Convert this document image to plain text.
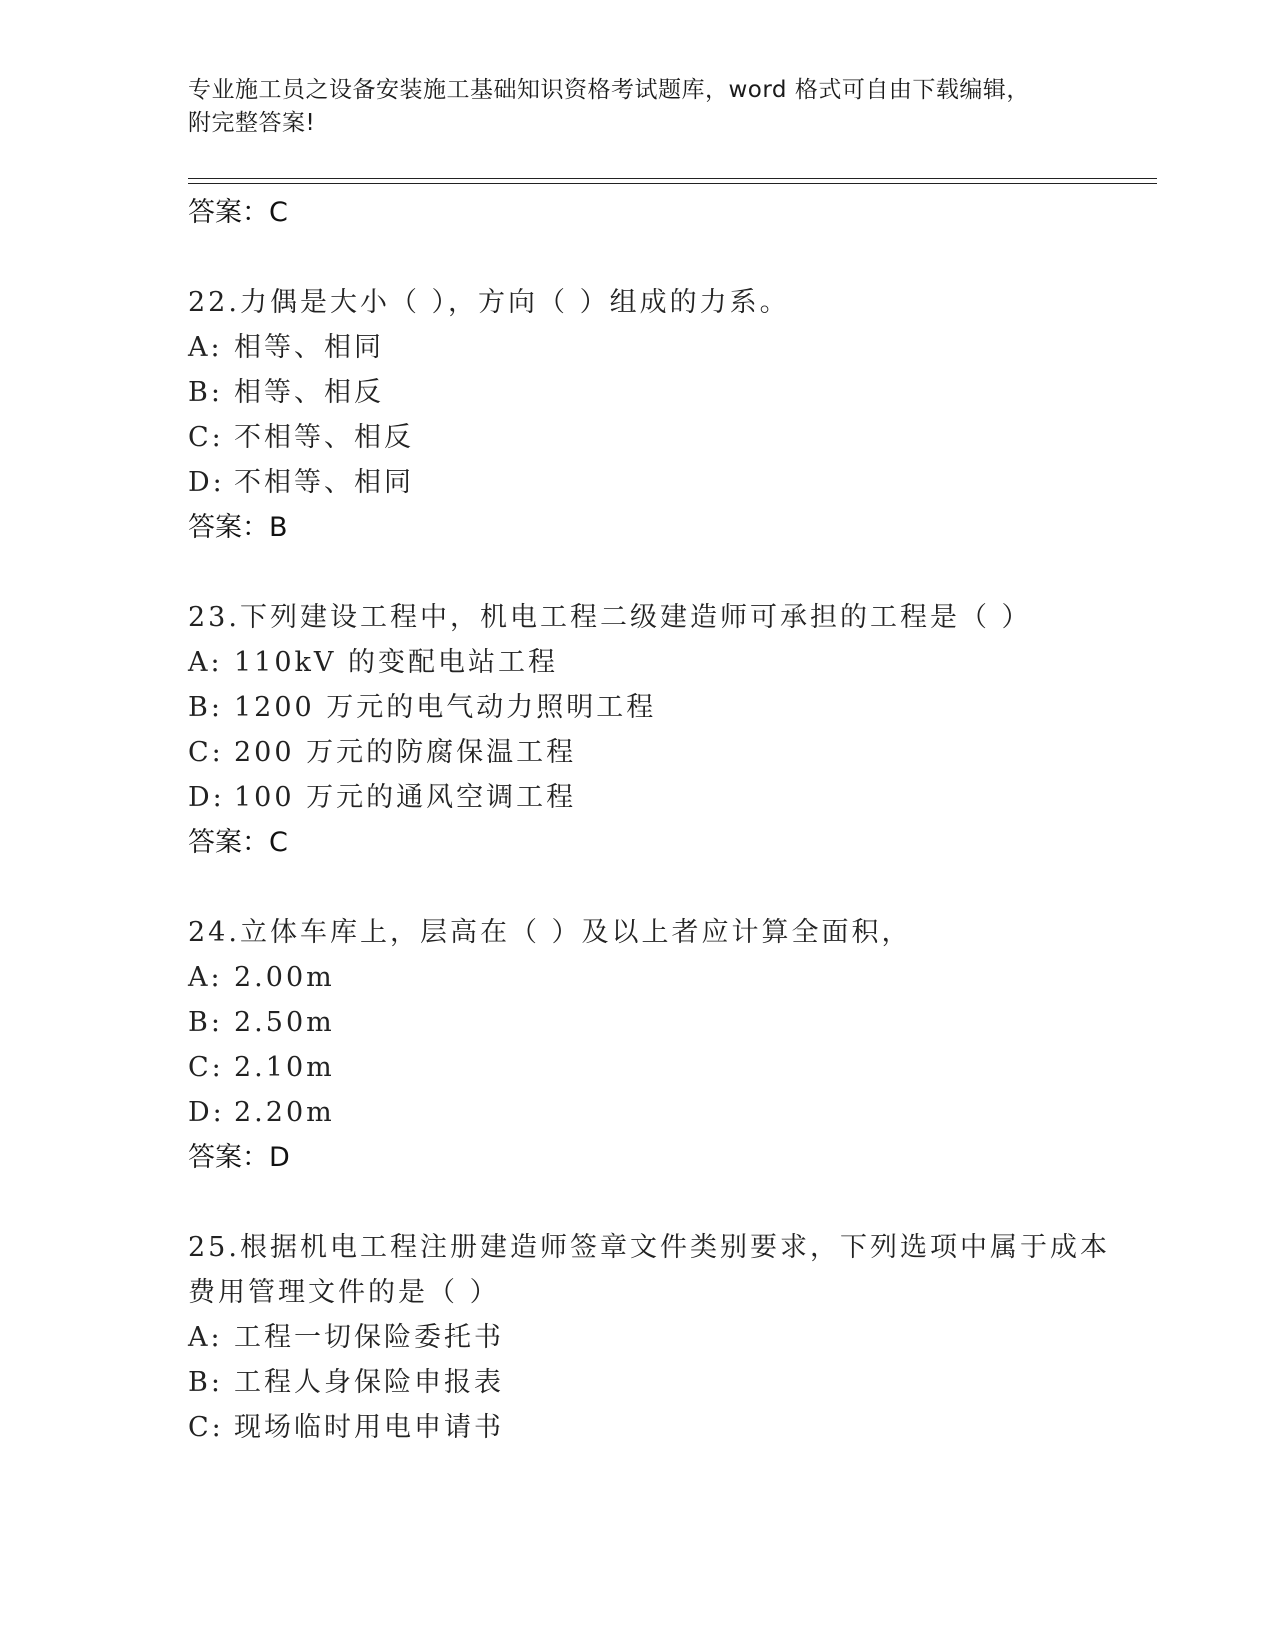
专业施工员之设备安装施工基础知识资格考试题库，word 格式可自由下载编辑，
附完整答案!
答案：C
22.力偶是大小（ ），方向（ ）组成的力系。
A: 相等、相同
B: 相等、相反
C: 不相等、相反
D: 不相等、相同
答案：B
23.下列建设工程中，机电工程二级建造师可承担的工程是（ ）
A: 110kV 的变配电站工程
B: 1200 万元的电气动力照明工程
C: 200 万元的防腐保温工程
D: 100 万元的通风空调工程
答案：C
24.立体车库上，层高在（ ）及以上者应计算全面积，
A: 2.00m
B: 2.50m
C: 2.10m
D: 2.20m
答案：D
25.根据机电工程注册建造师签章文件类别要求，下列选项中属于成本
费用管理文件的是（ ）
A: 工程一切保险委托书
B: 工程人身保险申报表
C: 现场临时用电申请书
